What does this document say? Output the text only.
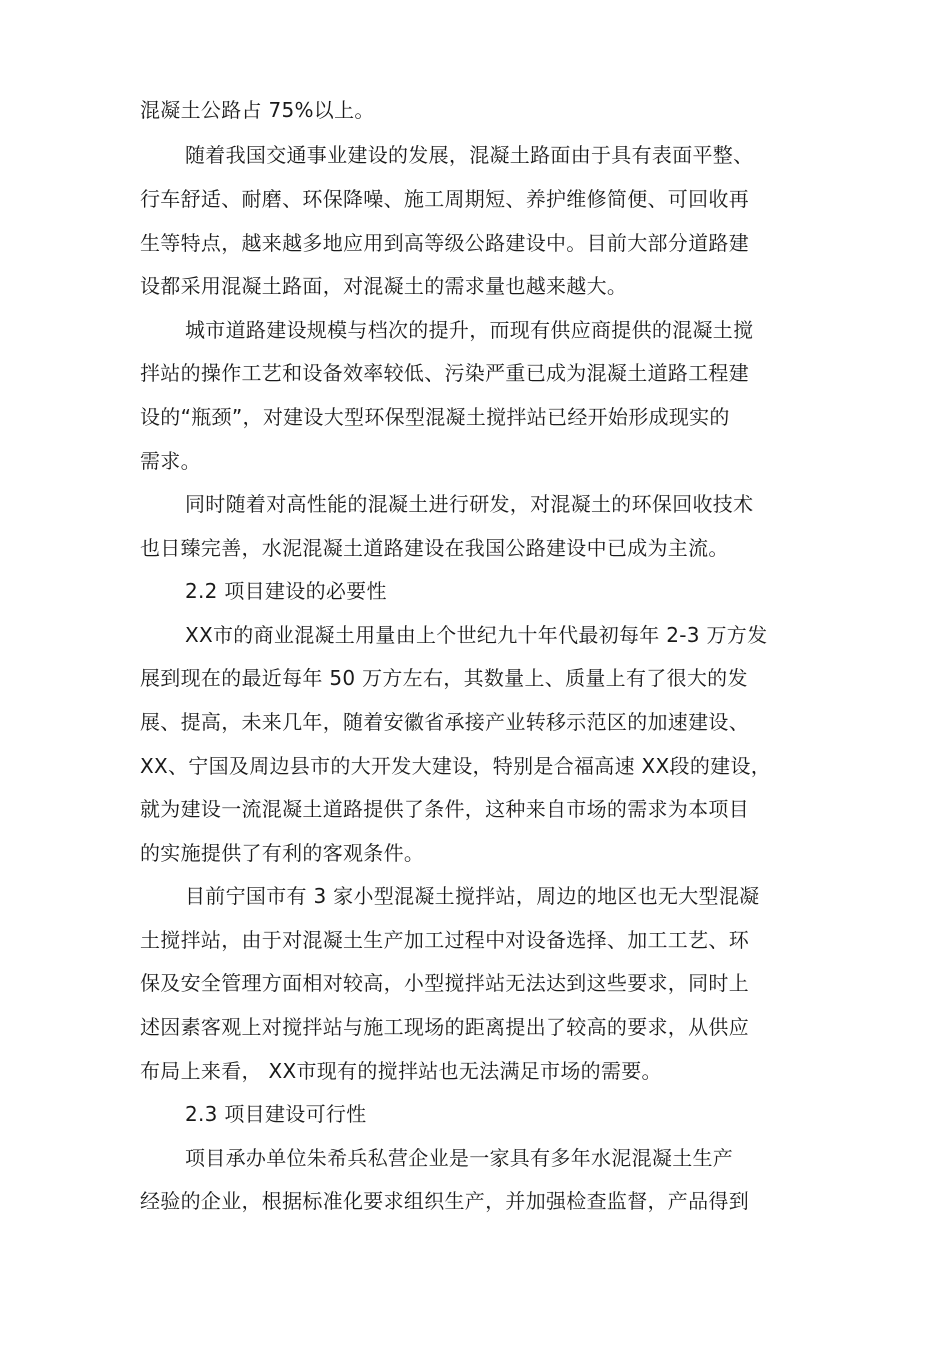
混凝土公路占 75%以上。
随着我国交通事业建设的发展，混凝土路面由于具有表面平整、
行车舒适、耐磨、环保降噪、施工周期短、养护维修简便、可回收再
生等特点，越来越多地应用到高等级公路建设中。目前大部分道路建
设都采用混凝土路面，对混凝土的需求量也越来越大。
城市道路建设规模与档次的提升，而现有供应商提供的混凝土搅
拌站的操作工艺和设备效率较低、污染严重已成为混凝土道路工程建
设的“瓶颈”，对建设大型环保型混凝土搅拌站已经开始形成现实的
需求。
同时随着对高性能的混凝土进行研发，对混凝土的环保回收技术
也日臻完善，水泥混凝土道路建设在我国公路建设中已成为主流。
2.2 项目建设的必要性
XX市的商业混凝土用量由上个世纪九十年代最初每年 2-3 万方发
展到现在的最近每年 50 万方左右，其数量上、质量上有了很大的发
展、提高，未来几年，随着安徽省承接产业转移示范区的加速建设、
XX、宁国及周边县市的大开发大建设，特别是合福高速 XX段的建设，
就为建设一流混凝土道路提供了条件，这种来自市场的需求为本项目
的实施提供了有利的客观条件。
目前宁国市有 3 家小型混凝土搅拌站，周边的地区也无大型混凝
土搅拌站，由于对混凝土生产加工过程中对设备选择、加工工艺、环
保及安全管理方面相对较高，小型搅拌站无法达到这些要求，同时上
述因素客观上对搅拌站与施工现场的距离提出了较高的要求，从供应
布局上来看， XX市现有的搅拌站也无法满足市场的需要。
2.3 项目建设可行性
项目承办单位朱希兵私营企业是一家具有多年水泥混凝土生产
经验的企业，根据标准化要求组织生产，并加强检查监督，产品得到
